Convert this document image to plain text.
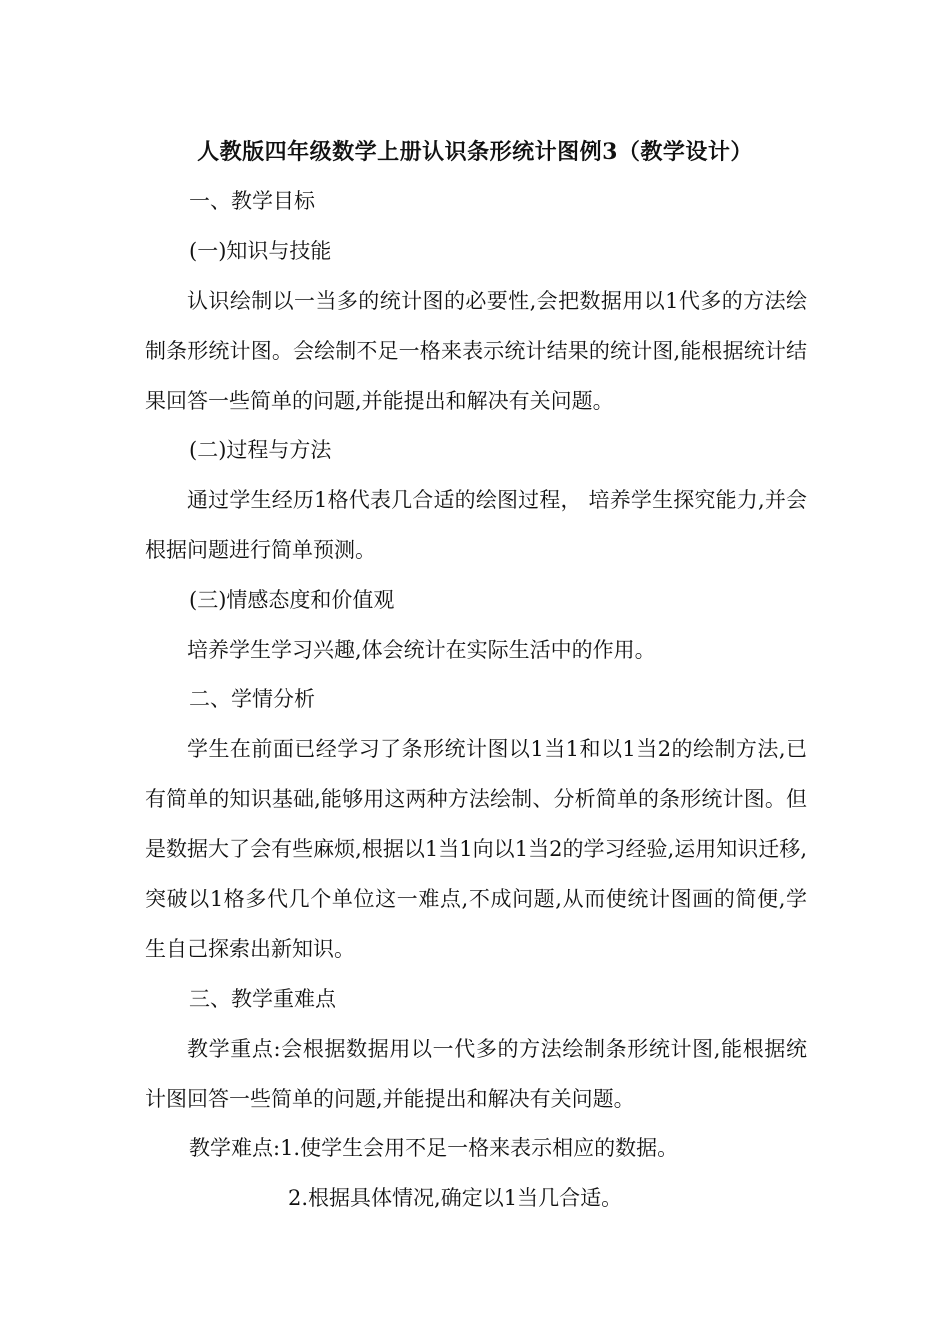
人教版四年级数学上册认识条形统计图例3（教学设计）
一、教学目标
(一)知识与技能
认识绘制以一当多的统计图的必要性,会把数据用以1代多的方法绘制条形统计图。会绘制不足一格来表示统计结果的统计图,能根据统计结果回答一些简单的问题,并能提出和解决有关问题。
(二)过程与方法
通过学生经历1格代表几合适的绘图过程， 培养学生探究能力,并会根据问题进行简单预测。
(三)情感态度和价值观
培养学生学习兴趣,体会统计在实际生活中的作用。
二、学情分析
学生在前面已经学习了条形统计图以1当1和以1当2的绘制方法,已有简单的知识基础,能够用这两种方法绘制、分析简单的条形统计图。但是数据大了会有些麻烦,根据以1当1向以1当2的学习经验,运用知识迁移,突破以1格多代几个单位这一难点,不成问题,从而使统计图画的简便,学生自己探索出新知识。
三、教学重难点
教学重点:会根据数据用以一代多的方法绘制条形统计图,能根据统计图回答一些简单的问题,并能提出和解决有关问题。
教学难点:1.使学生会用不足一格来表示相应的数据。
2.根据具体情况,确定以1当几合适。
